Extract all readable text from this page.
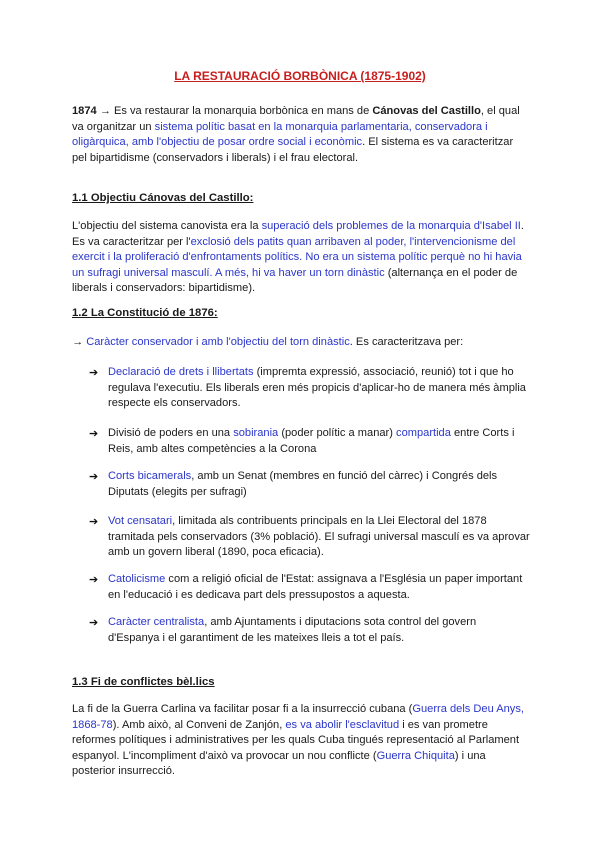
LA RESTAURACIÓ BORBÒNICA (1875-1902)
1874 → Es va restaurar la monarquia borbònica en mans de Cánovas del Castillo, el qual va organitzar un sistema polític basat en la monarquia parlamentaria, conservadora i oligàrquica, amb l'objectiu de posar ordre social i econòmic. El sistema es va caracteritzar pel bipartidisme (conservadors i liberals) i el frau electoral.
1.1 Objectiu Cánovas del Castillo:
L'objectiu del sistema canovista era la superació dels problemes de la monarquia d'Isabel II. Es va caracteritzar per l'exclosió dels patits quan arribaven al poder, l'intervencionisme del exercit i la proliferació d'enfrontaments polítics. No era un sistema polític perquè no hi havia un sufragi universal masculí. A més, hi va haver un torn dinàstic (alternança en el poder de liberals i conservadors: bipartidisme).
1.2 La Constitució de 1876:
→ Caràcter conservador i amb l'objectiu del torn dinàstic. Es caracteritzava per:
➔ Declaració de drets i llibertats (impremta expressió, associació, reunió) tot i que ho regulava l'executiu. Els liberals eren més propicis d'aplicar-ho de manera més àmplia respecte els conservadors.
➔ Divisió de poders en una sobirania (poder polític a manar) compartida entre Corts i Reis, amb altes competències a la Corona
➔ Corts bicamerals, amb un Senat (membres en funció del càrrec) i Congrés dels Diputats (elegits per sufragi)
➔ Vot censatari, limitada als contribuents principals en la Llei Electoral del 1878 tramitada pels conservadors (3% població). El sufragi universal masculí es va aprovar amb un govern liberal (1890, poca eficacia).
➔ Catolicisme com a religió oficial de l'Estat: assignava a l'Església un paper important en l'educació i es dedicava part dels pressupostos a aquesta.
➔ Caràcter centralista, amb Ajuntaments i diputacions sota control del govern d'Espanya i el garantiment de les mateixes lleis a tot el país.
1.3 Fi de conflictes bèl.lics
La fi de la Guerra Carlina va facilitar posar fi a la insurrecció cubana (Guerra dels Deu Anys, 1868-78). Amb això, al Conveni de Zanjón, es va abolir l'esclavitud i es van prometre reformes polítiques i administratives per les quals Cuba tingués representació al Parlament espanyol. L'incompliment d'això va provocar un nou conflicte (Guerra Chiquita) i una posterior insurrecció.
